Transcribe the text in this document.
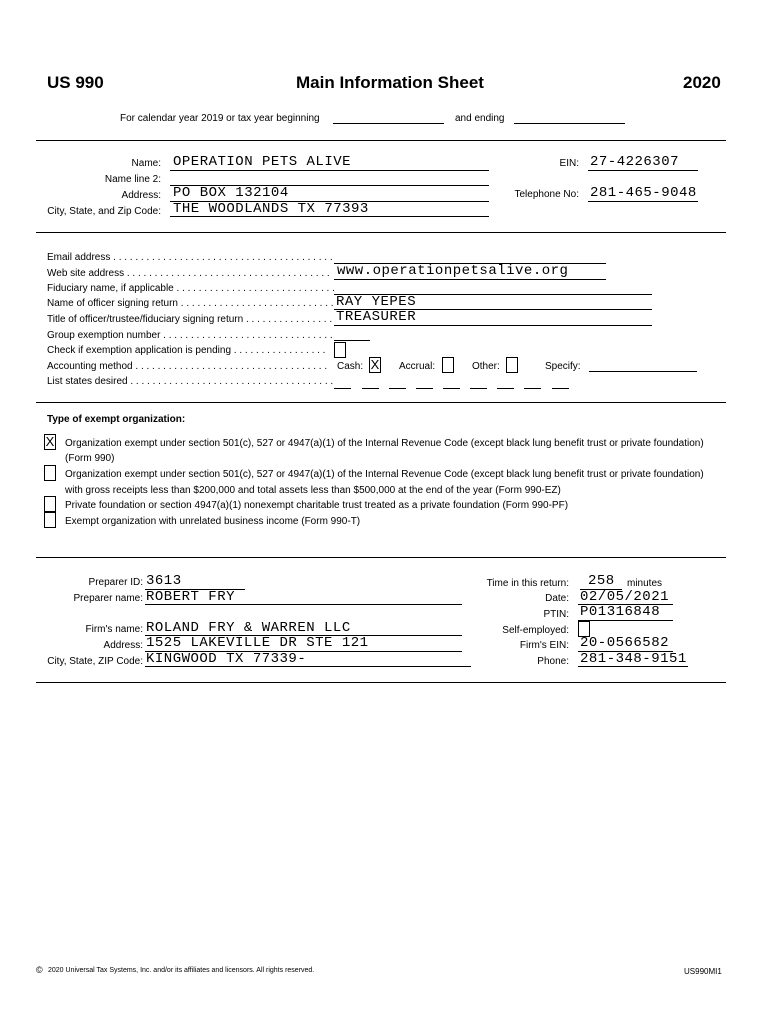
US 990	Main Information Sheet	2020
For calendar year 2019 or tax year beginning	and ending
Name: OPERATION PETS ALIVE
Name line 2:
Address: PO BOX 132104
City, State, and Zip Code: THE WOODLANDS TX 77393
EIN: 27-4226307
Telephone No: 281-465-9048
Email address . . . . . . . . . . . . . . . . . . . . . . . . . . . . . . . . . . . . . . . .
Web site address . . . . . . . . . . . . . . . . . . . . . . . . . . . . . . . . . . . . . www.operationpetsalive.org
Fiduciary name, if applicable . . . . . . . . . . . . . . . . . . . . . . . . . . . . .
Name of officer signing return . . . . . . . . . . . . . . . . . . . . . . . . . . . . RAY YEPES
Title of officer/trustee/fiduciary signing return . . . . . . . . . . . . . . . . TREASURER
Group exemption number . . . . . . . . . . . . . . . . . . . . . . . . . . . . . . .
Check if exemption application is pending . . . . . . . . . . . . . . . . .
Accounting method . . . . . . . . . . . . . . . . . . . . . . . . . . . . . . . . . . . Cash: X Accrual:	Other:	Specify:
List states desired . . . . . . . . . . . . . . . . . . . . . . . . . . . . . . . . . . . . .
Type of exempt organization:
X Organization exempt under section 501(c), 527 or 4947(a)(1) of the Internal Revenue Code (except black lung benefit trust or private foundation)
(Form 990)
Organization exempt under section 501(c), 527 or 4947(a)(1) of the Internal Revenue Code (except black lung benefit trust or private foundation)
with gross receipts less than $200,000 and total assets less than $500,000 at the end of the year (Form 990-EZ)
Private foundation or section 4947(a)(1) nonexempt charitable trust treated as a private foundation (Form 990-PF)
Exempt organization with unrelated business income (Form 990-T)
Preparer ID: 3613
Preparer name: ROBERT FRY
Firm's name: ROLAND FRY & WARREN LLC
Address: 1525 LAKEVILLE DR STE 121
City, State, ZIP Code: KINGWOOD TX 77339-
Time in this return: 258 minutes
Date: 02/05/2021
PTIN: P01316848
Self-employed:
Firm's EIN: 20-0566582
Phone: 281-348-9151
© 2020 Universal Tax Systems, Inc. and/or its affiliates and licensors. All rights reserved.	US990MI1
